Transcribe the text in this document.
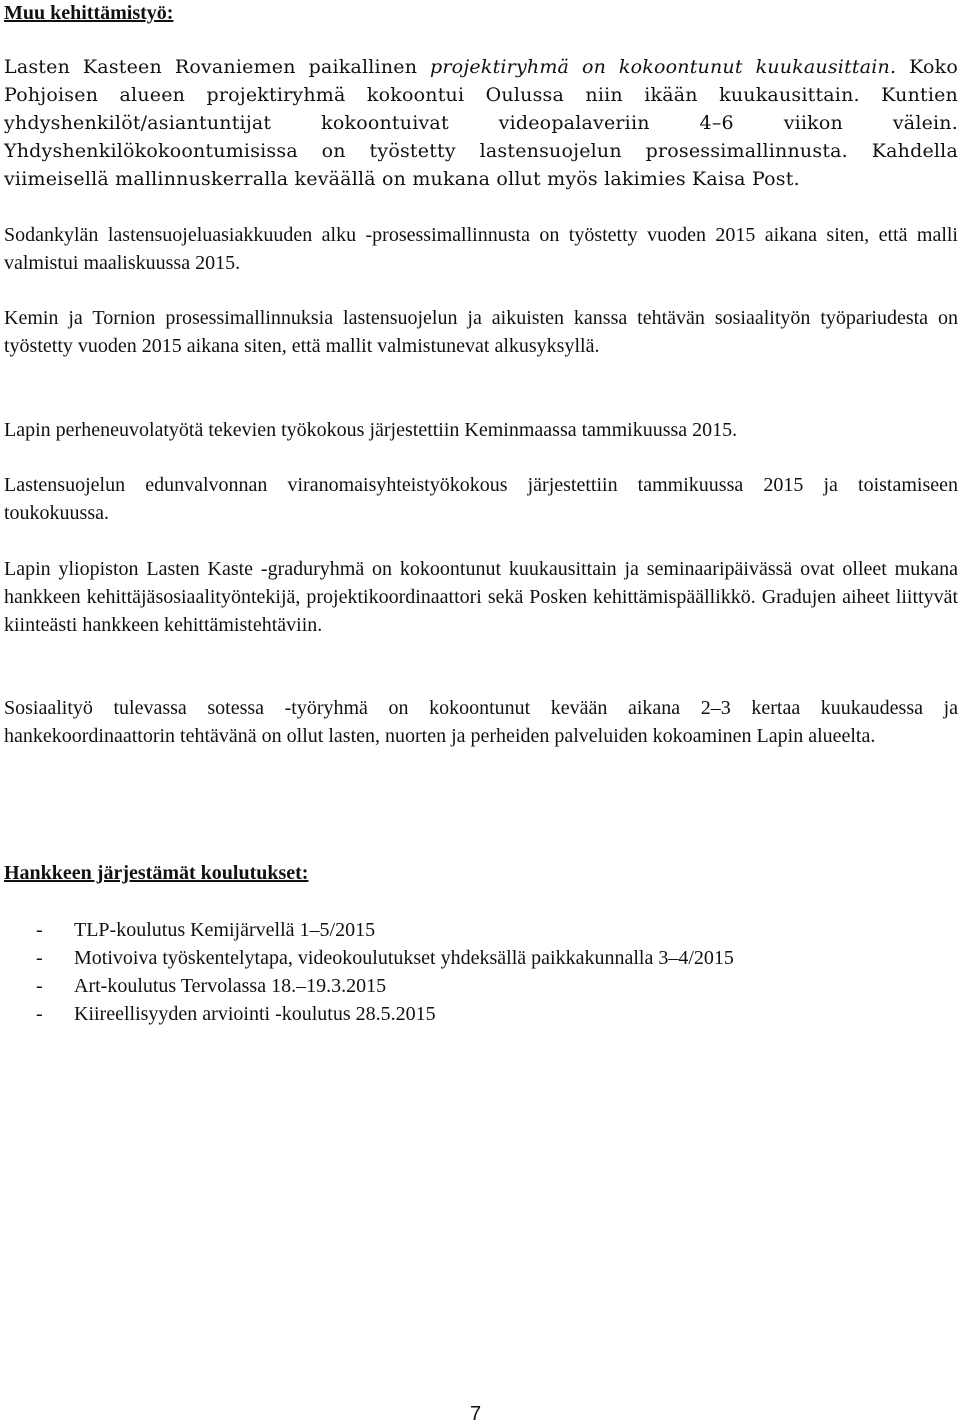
Muu kehittämistyö:

Lasten Kasteen Rovaniemen paikallinen projektiryhmä on kokoontunut kuukausittain. Koko Pohjoisen alueen projektiryhmä kokoontui Oulussa niin ikään kuukausittain. Kuntien yhdyshenkilöt/asiantuntijat kokoontuivat videopalaveriin 4–6 viikon välein. Yhdyshenkilökokoontumisissa on työstetty lastensuojelun prosessimallinnusta. Kahdella viimeisellä mallinnuskerralla keväällä on mukana ollut myös lakimies Kaisa Post.

Sodankylän lastensuojeluasiakkuuden alku -prosessimallinnusta on työstetty vuoden 2015 aikana siten, että malli valmistui maaliskuussa 2015.

Kemin ja Tornion prosessimallinnuksia lastensuojelun ja aikuisten kanssa tehtävän sosiaalityön työpariudesta on työstetty vuoden 2015 aikana siten, että mallit valmistunevat alkusyksyllä.

Lapin perheneuvolatyötä tekevien työkokous järjestettiin Keminmaassa tammikuussa 2015.

Lastensuojelun edunvalvonnan viranomaisyhteistyökokous järjestettiin tammikuussa 2015 ja toistamiseen toukokuussa.

Lapin yliopiston Lasten Kaste -graduryhmä on kokoontunut kuukausittain ja seminaaripäivässä ovat olleet mukana hankkeen kehittäjäsosiaalityöntekijä, projektikoordinaattori sekä Posken kehittämispäällikkö. Gradujen aiheet liittyvät kiinteästi hankkeen kehittämistehtäviin.

Sosiaalityö tulevassa sotessa -työryhmä on kokoontunut kevään aikana 2–3 kertaa kuukaudessa ja hankekoordinaattorin tehtävänä on ollut lasten, nuorten ja perheiden palveluiden kokoaminen Lapin alueelta.

Hankkeen järjestämät koulutukset:
- TLP-koulutus Kemijärvellä 1–5/2015
- Motivoiva työskentelytapa, videokoulutukset yhdeksällä paikkakunnalla 3–4/2015
- Art-koulutus Tervolassa 18.–19.3.2015
- Kiireellisyyden arviointi -koulutus 28.5.2015
7
